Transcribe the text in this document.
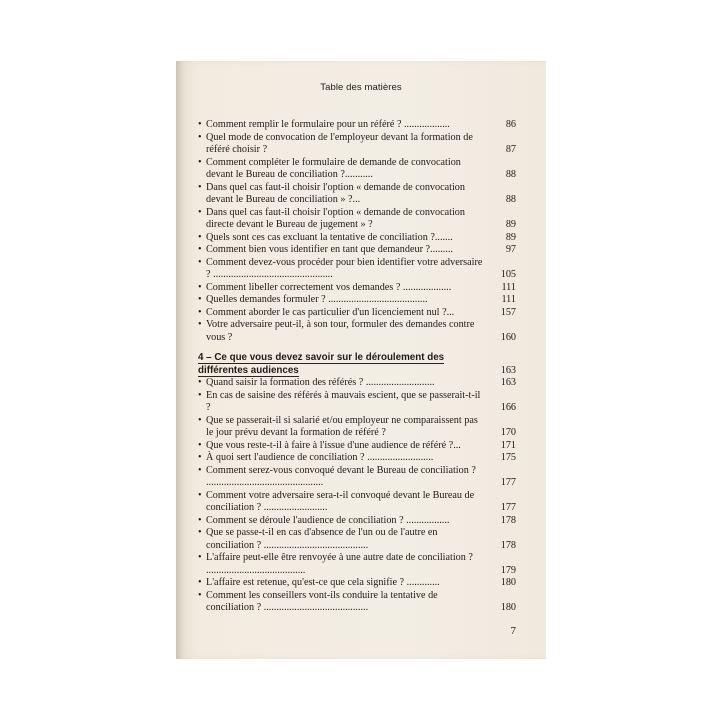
Table des matières
• Comment remplir le formulaire pour un référé ? ..................	86
• Quel mode de convocation de l'employeur devant la formation de référé choisir ?	87
• Comment compléter le formulaire de demande de convocation devant le Bureau de conciliation ?...........	88
• Dans quel cas faut-il choisir l'option « demande de convocation devant le Bureau de conciliation » ?...	88
• Dans quel cas faut-il choisir l'option « demande de convocation directe devant le Bureau de jugement » ?	89
• Quels sont ces cas excluant la tentative de conciliation ?.......	89
• Comment bien vous identifier en tant que demandeur ?.........	97
• Comment devez-vous procéder pour bien identifier votre adversaire ? ...............................................	105
• Comment libeller correctement vos demandes ? ...................	111
• Quelles demandes formuler ? .......................................	111
• Comment aborder le cas particulier d'un licenciement nul ?...	157
• Votre adversaire peut-il, à son tour, formuler des demandes contre vous ?	160
4 – Ce que vous devez savoir sur le déroulement des différentes audiences	163
• Quand saisir la formation des référés ? ...........................	163
• En cas de saisine des référés à mauvais escient, que se passerait-t-il ?	166
• Que se passerait-il si salarié et/ou employeur ne comparaissent pas le jour prévu devant la formation de référé ?	170
• Que vous reste-t-il à faire à l'issue d'une audience de référé ?...	171
• À quoi sert l'audience de conciliation ? ..........................	175
• Comment serez-vous convoqué devant le Bureau de conciliation ? ..............................................	177
• Comment votre adversaire sera-t-il convoqué devant le Bureau de conciliation ? .........................	177
• Comment se déroule l'audience de conciliation ? .................	178
• Que se passe-t-il en cas d'absence de l'un ou de l'autre en conciliation ? .........................................	178
• L'affaire peut-elle être renvoyée à une autre date de conciliation ? .......................................	179
• L'affaire est retenue, qu'est-ce que cela signifie ? .............	180
• Comment les conseillers vont-ils conduire la tentative de conciliation ? .........................................	180
7
